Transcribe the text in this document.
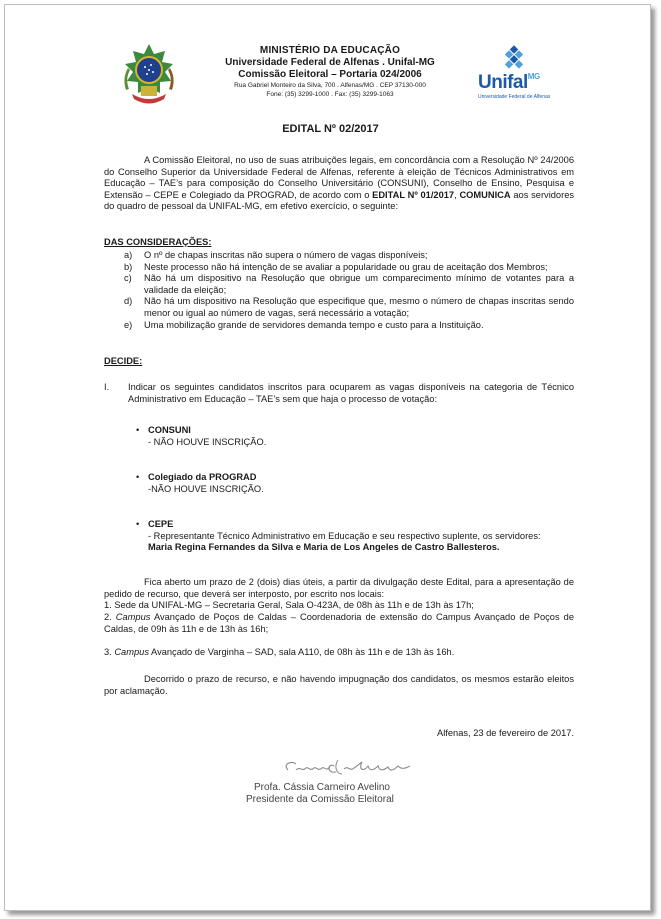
MINISTÉRIO DA EDUCAÇÃO
Universidade Federal de Alfenas . Unifal-MG
Comissão Eleitoral – Portaria 024/2006
Rua Gabriel Monteiro da Silva, 700 . Alfenas/MG . CEP 37130-000
Fone: (35) 3299-1000 . Fax: (35) 3299-1063
Unifal$^{MG}$
Universidade Federal de Alfenas
EDITAL Nº 02/2017
A Comissão Eleitoral, no uso de suas atribuições legais, em concordância com a Resolução Nº 24/2006 do Conselho Superior da Universidade Federal de Alfenas, referente à eleição de Técnicos Administrativos em Educação – TAE’s para composição do Conselho Universitário (CONSUNI), Conselho de Ensino, Pesquisa e Extensão – CEPE e Colegiado da PROGRAD, de acordo com o EDITAL Nº 01/2017, COMUNICA aos servidores do quadro de pessoal da UNIFAL-MG, em efetivo exercício, o seguinte:
DAS CONSIDERAÇÕES:
a) O nº de chapas inscritas não supera o número de vagas disponíveis;
b) Neste processo não há intenção de se avaliar a popularidade ou grau de aceitação dos Membros;
c) Não há um dispositivo na Resolução que obrigue um comparecimento mínimo de votantes para a validade da eleição;
d) Não há um dispositivo na Resolução que especifique que, mesmo o número de chapas inscritas sendo menor ou igual ao número de vagas, será necessário a votação;
e) Uma mobilização grande de servidores demanda tempo e custo para a Instituição.
DECIDE:
I. Indicar os seguintes candidatos inscritos para ocuparem as vagas disponíveis na categoria de Técnico Administrativo em Educação – TAE’s sem que haja o processo de votação:
• CONSUNI
- NÃO HOUVE INSCRIÇÃO.
• Colegiado da PROGRAD
-NÃO HOUVE INSCRIÇÃO.
• CEPE
- Representante Técnico Administrativo em Educação e seu respectivo suplente, os servidores:
Maria Regina Fernandes da Silva e Maria de Los Angeles de Castro Ballesteros.
Fica aberto um prazo de 2 (dois) dias úteis, a partir da divulgação deste Edital, para a apresentação de pedido de recurso, que deverá ser interposto, por escrito nos locais:
1. Sede da UNIFAL-MG – Secretaria Geral, Sala O-423A, de 08h às 11h e de 13h às 17h;
2. Campus Avançado de Poços de Caldas – Coordenadoria de extensão do Campus Avançado de Poços de Caldas, de 09h às 11h e de 13h às 16h;
3. Campus Avançado de Varginha – SAD, sala A110, de 08h às 11h e de 13h às 16h.
Decorrido o prazo de recurso, e não havendo impugnação dos candidatos, os mesmos estarão eleitos por aclamação.
Alfenas, 23 de fevereiro de 2017.
Profa. Cássia Carneiro Avelino
Presidente da Comissão Eleitoral
